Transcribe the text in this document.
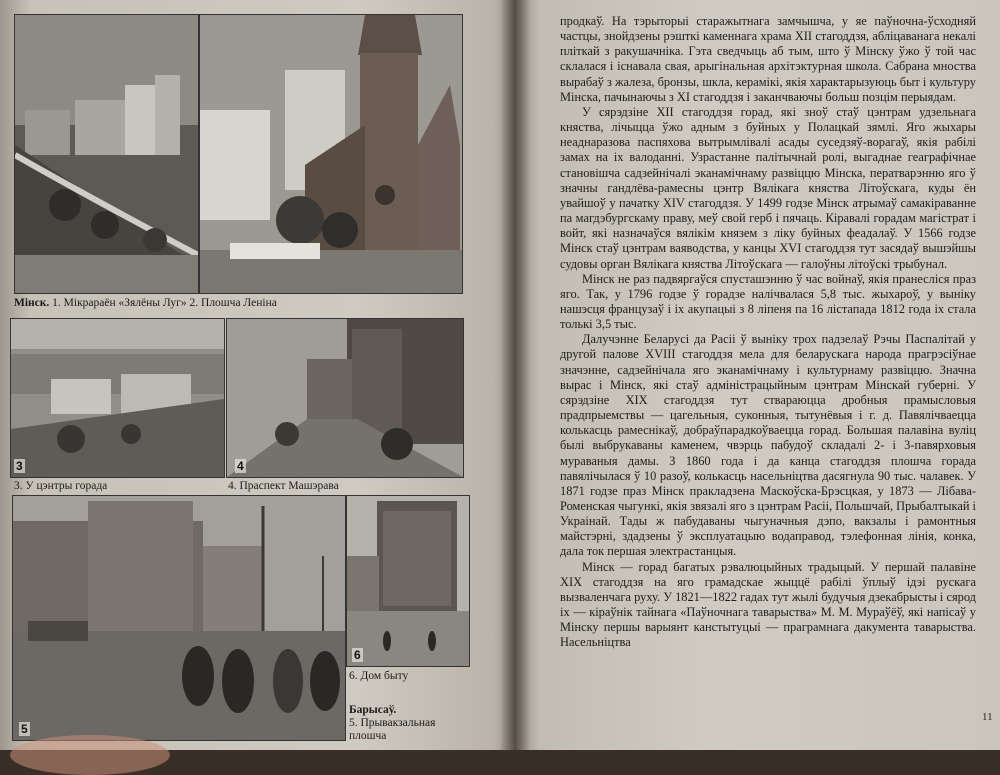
Мінск. 1. Мікрараён «Зялёны Луг» 2. Плошча Леніна
3	4
3. У цэнтры горада	4. Праспект Машэрава
5
6
6. Дом быту
Барысаў.
5. Прывакзальная
плошча

продкаў. На тэрыторыі старажытнага замчышча, у яе паўночна-ўсходняй частцы, знойдзены рэшткі каменнага храма XII стагоддзя, абліцаванага некалі пліткай з ракушачніка. Гэта сведчыць аб тым, што ў Мінску ўжо ў той час склалася і існавала свая, арыгінальная архітэктурная школа. Сабрана мноства вырабаў з жалеза, бронзы, шкла, керамікі, якія характарызуюць быт і культуру Мінска, пачынаючы з XI стагоддзя і заканчваючы больш позцім перыядам.

У сярэдзіне XII стагоддзя горад, які зноў стаў цэнтрам удзельнага княства, лічыцца ўжо адным з буйных у Полацкай зямлі. Яго жыхары неаднаразова паспяхова вытрымлівалі асады суседзяў-ворагаў, якія рабілі замах на іх валоданні. Узрастанне палітычнай ролі, выгаднае геаграфічнае становішча садзейнічалі эканамічнаму развіццю Мінска, ператварэнню яго ў значны гандлёва-рамесны цэнтр Вялікага княства Літоўскага, куды ён увайшоў у пачатку XIV стагоддзя. У 1499 годзе Мінск атрымаў самакіраванне па магдэбургскаму праву, меў свой герб і пячаць. Кіравалі горадам магістрат і войт, які назначаўся вялікім князем з ліку буйных феадалаў. У 1566 годзе Мінск стаў цэнтрам ваяводства, у канцы XVI стагоддзя тут засядаў вышэйшы судовы орган Вялікага княства Літоўскага — галоўны літоўскі трыбунал.

Мінск не раз падвяргаўся спусташэнню ў час войнаў, якія пранесліся праз яго. Так, у 1796 годзе ў горадзе налічвалася 5,8 тыс. жыхароў, у выніку нашэсця французаў і іх акупацыі з 8 ліпеня па 16 лістапада 1812 года іх стала толькі 3,5 тыс.

Далучэнне Беларусі да Расіі ў выніку трох падзелаў Рэчы Паспалітай у другой палове XVIII стагоддзя мела для беларускага народа прагрэсіўнае значэнне, садзейнічала яго эканамічнаму і культурнаму развіццю. Значна вырас і Мінск, які стаў адміністрацыйным цэнтрам Мінскай губерні. У сярэдзіне XIX стагоддзя тут ствараюцца дробныя прамысловыя прадпрыемствы — цагельныя, суконныя, тытунёвыя і г. д. Павялічваецца колькасць рамеснікаў, добраўпарадкоўваецца горад. Большая палавіна вуліц былі выбрукаваны каменем, чвэрць пабудоў складалі 2- і 3-павярховыя мураваныя дамы. З 1860 года і да канца стагоддзя плошча горада павялічылася ў 10 разоў, колькасць насельніцтва дасягнула 90 тыс. чалавек. У 1871 годзе праз Мінск пракладзена Маскоўска-Брэсцкая, у 1873 — Лібава-Роменская чыгункі, якія звязалі яго з цэнтрам Расіі, Польшчай, Прыбалтыкай і Украінай. Тады ж пабудаваны чыгуначныя дэпо, вакзалы і рамонтныя майстэрні, здадзены ў эксплуатацыю водаправод, тэлефонная лінія, конка, дала ток першая электрастанцыя.

Мінск — горад багатых рэвалюцыйных традыцый. У першай палавіне XIX стагоддзя на яго грамадскае жыццё рабілі ўплыў ідэі рускага вызваленчага руху. У 1821—1822 гадах тут жылі будучыя дзекабрысты і сярод іх — кіраўнік тайнага «Паўночнага таварыства» М. М. Мураўёў, які напісаў у Мінску першы варыянт канстытуцыі — праграмнага дакумента таварыства. Насельніцтва

11
